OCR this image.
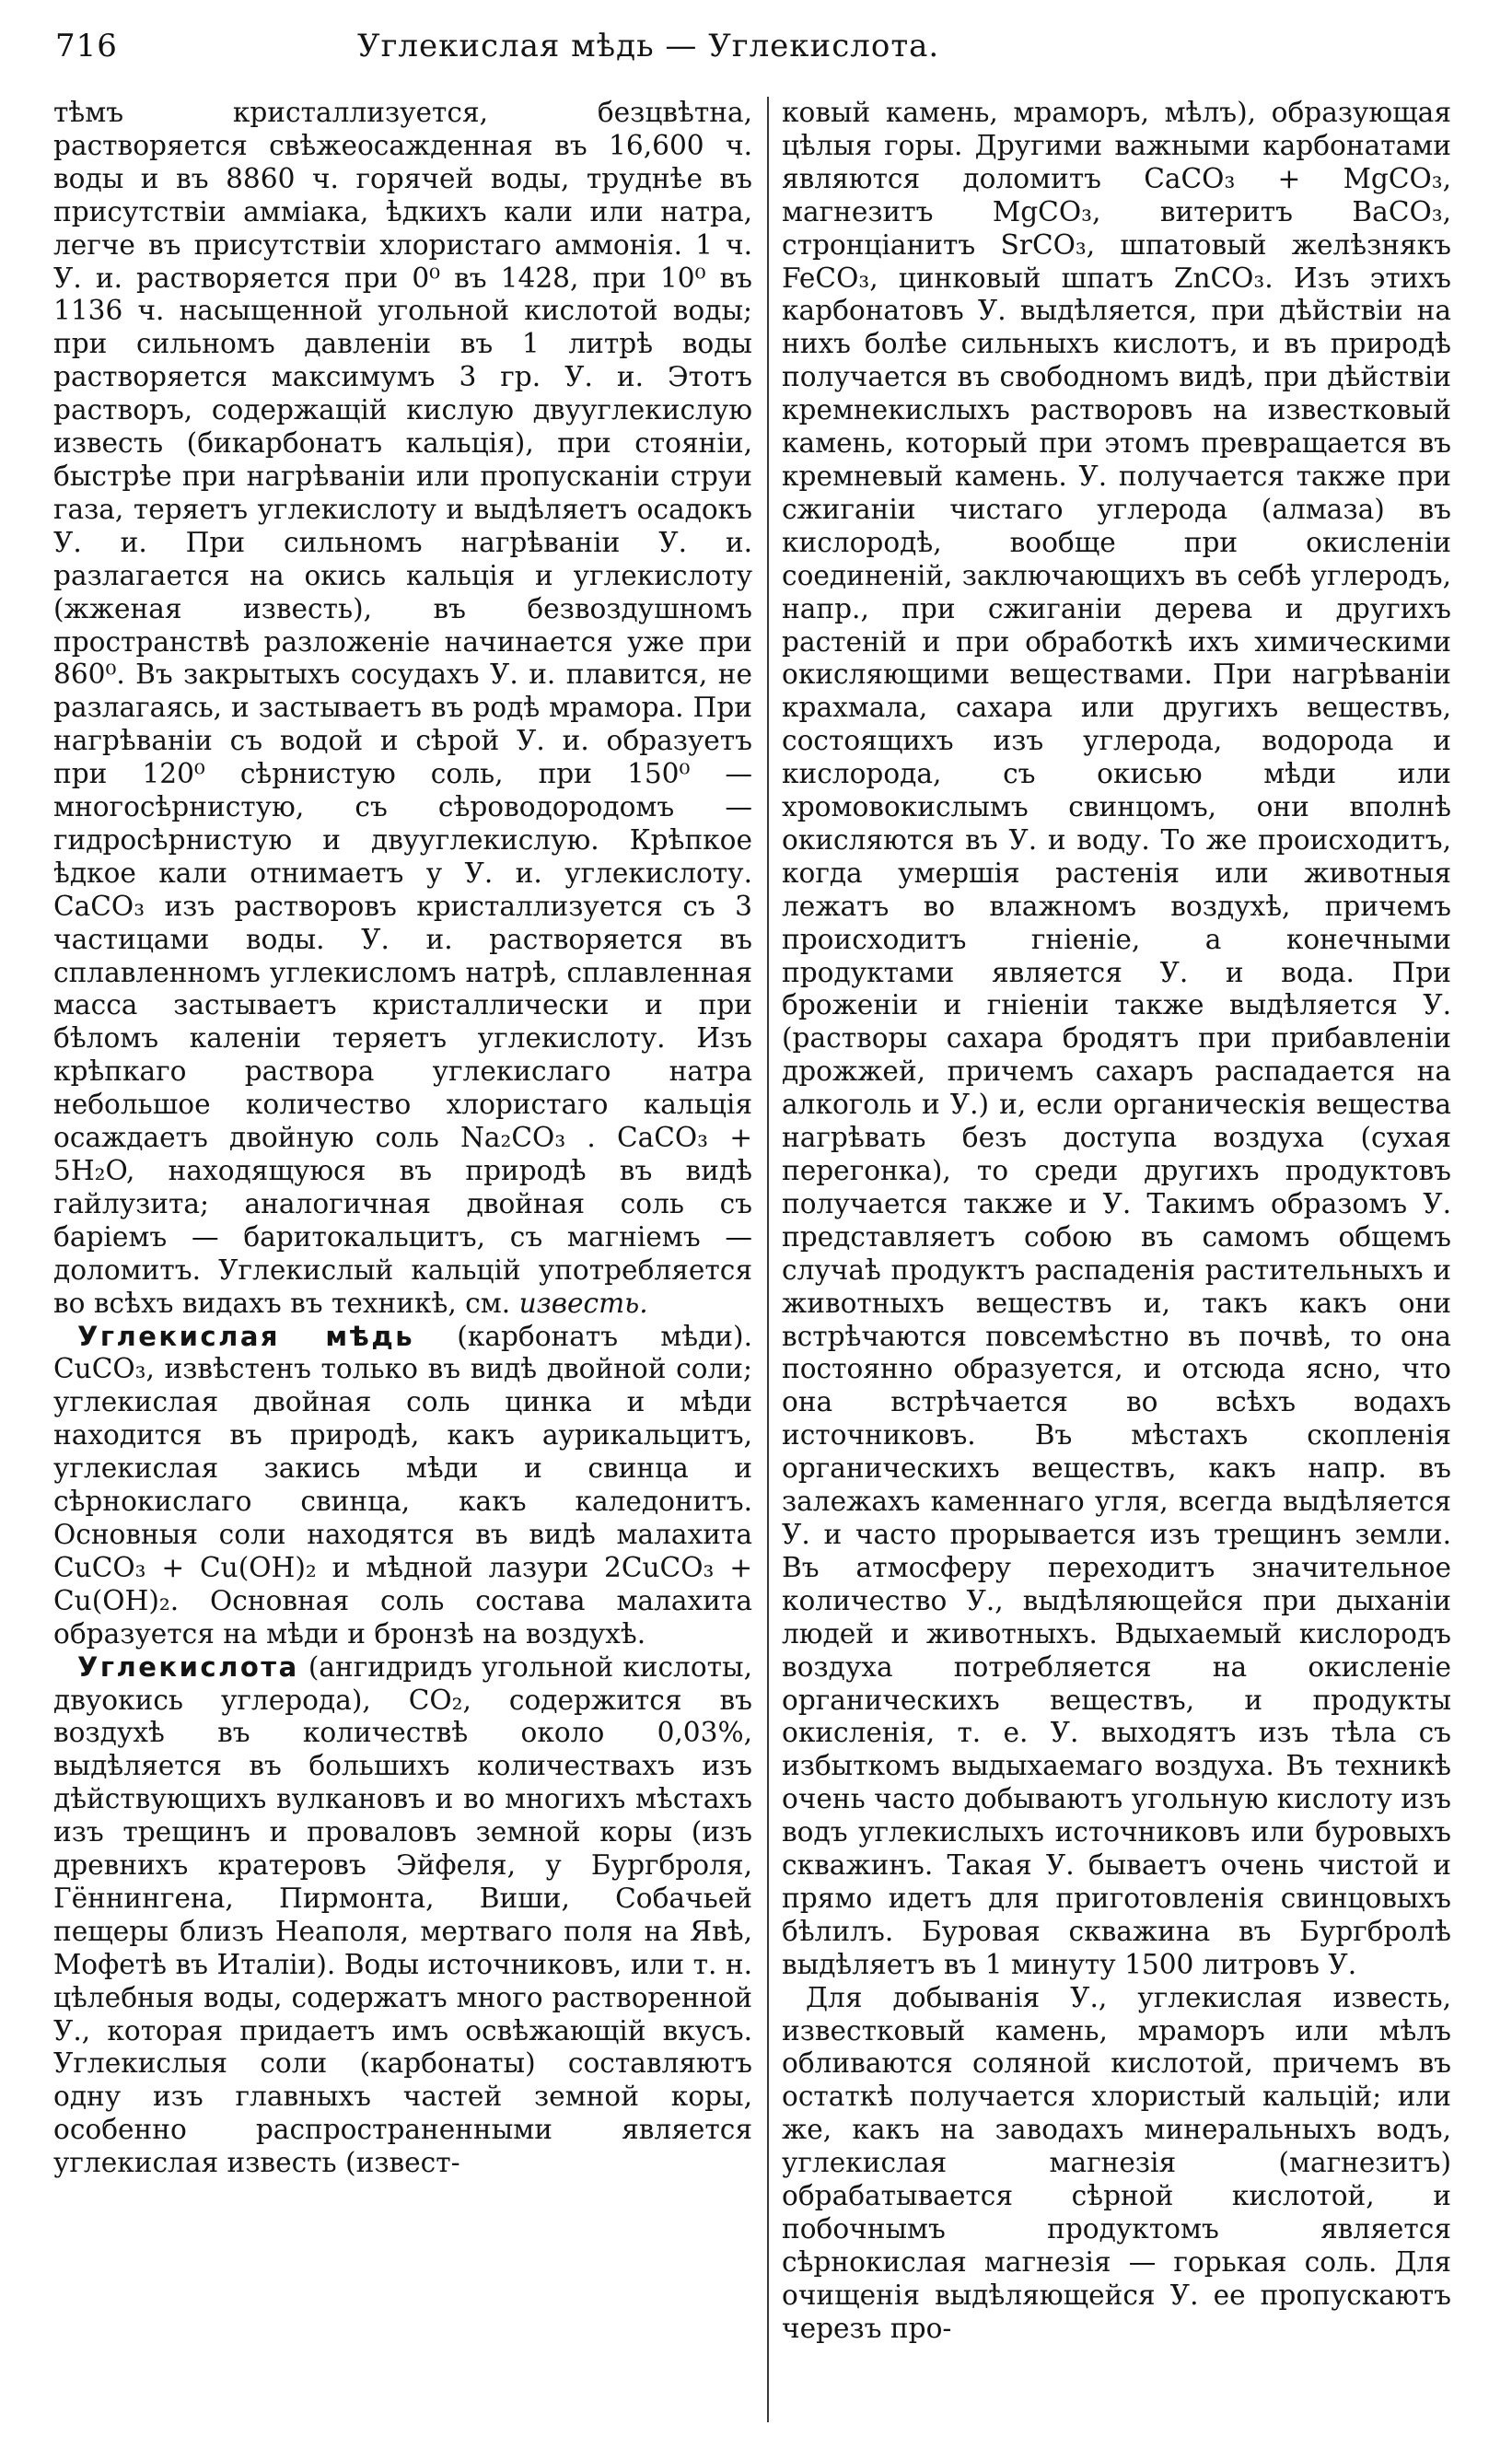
716	Углекислая мѣдь — Углекислота.

тѣмъ кристаллизуется, безцвѣтна, растворяется свѣжеосажденная въ 16,600 ч. воды и въ 8860 ч. горячей воды, труднѣе въ присутствіи амміака, ѣдкихъ кали или натра, легче въ присутствіи хлористаго аммонія. 1 ч. У. и. растворяется при 0⁰ въ 1428, при 10⁰ въ 1136 ч. насыщенной угольной кислотой воды; при сильномъ давленіи въ 1 литрѣ воды растворяется максимумъ 3 гр. У. и. Этотъ растворъ, содержащій кислую двууглекислую известь (бикарбонатъ кальція), при стояніи, быстрѣе при нагрѣваніи или пропусканіи струи газа, теряетъ углекислоту и выдѣляетъ осадокъ У. и. При сильномъ нагрѣваніи У. и. разлагается на окись кальція и углекислоту (жженая известь), въ безвоздушномъ пространствѣ разложеніе начинается уже при 860⁰. Въ закрытыхъ сосудахъ У. и. плавится, не разлагаясь, и застываетъ въ родѣ мрамора. При нагрѣваніи съ водой и сѣрой У. и. образуетъ при 120⁰ сѣрнистую соль, при 150⁰ — многосѣрнистую, съ сѣроводородомъ — гидросѣрнистую и двууглекислую. Крѣпкое ѣдкое кали отнимаетъ у У. и. углекислоту. CaCO₃ изъ растворовъ кристаллизуется съ 3 частицами воды. У. и. растворяется въ сплавленномъ углекисломъ натрѣ, сплавленная масса застываетъ кристаллически и при бѣломъ каленіи теряетъ углекислоту. Изъ крѣпкаго раствора углекислаго натра небольшое количество хлористаго кальція осаждаетъ двойную соль Na₂CO₃ . CaCO₃ + 5H₂O, находящуюся въ природѣ въ видѣ гайлузита; аналогичная двойная соль съ баріемъ — баритокальцитъ, съ магніемъ — доломитъ. Углекислый кальцій употребляется во всѣхъ видахъ въ техникѣ, см. известь.

Углекислая мѣдь (карбонатъ мѣди). CuCO₃, извѣстенъ только въ видѣ двойной соли; углекислая двойная соль цинка и мѣди находится въ природѣ, какъ аурикальцитъ, углекислая закись мѣди и свинца и сѣрнокислаго свинца, какъ каледонитъ. Основныя соли находятся въ видѣ малахита CuCO₃ + Cu(OH)₂ и мѣдной лазури 2CuCO₃ + Cu(OH)₂. Основная соль состава малахита образуется на мѣди и бронзѣ на воздухѣ.

Углекислота (ангидридъ угольной кислоты, двуокись углерода), CO₂, содержится въ воздухѣ въ количествѣ около 0,03%, выдѣляется въ большихъ количествахъ изъ дѣйствующихъ вулкановъ и во многихъ мѣстахъ изъ трещинъ и проваловъ земной коры (изъ древнихъ кратеровъ Эйфеля, у Бургброля, Гённингена, Пирмонта, Виши, Собачьей пещеры близъ Неаполя, мертваго поля на Явѣ, Мофетѣ въ Италіи). Воды источниковъ, или т. н. цѣлебныя воды, содержатъ много растворенной У., которая придаетъ имъ освѣжающій вкусъ. Углекислыя соли (карбонаты) составляютъ одну изъ главныхъ частей земной коры, особенно распространенными является углекислая известь (извест-

ковый камень, мраморъ, мѣлъ), образующая цѣлыя горы. Другими важными карбонатами являются доломитъ CaCO₃ + MgCO₃, магнезитъ MgCO₃, витеритъ BaCO₃, стронціанитъ SrCO₃, шпатовый желѣзнякъ FeCO₃, цинковый шпатъ ZnCO₃. Изъ этихъ карбонатовъ У. выдѣляется, при дѣйствіи на нихъ болѣе сильныхъ кислотъ, и въ природѣ получается въ свободномъ видѣ, при дѣйствіи кремнекислыхъ растворовъ на известковый камень, который при этомъ превращается въ кремневый камень. У. получается также при сжиганіи чистаго углерода (алмаза) въ кислородѣ, вообще при окисленіи соединеній, заключающихъ въ себѣ углеродъ, напр., при сжиганіи дерева и другихъ растеній и при обработкѣ ихъ химическими окисляющими веществами. При нагрѣваніи крахмала, сахара или другихъ веществъ, состоящихъ изъ углерода, водорода и кислорода, съ окисью мѣди или хромовокислымъ свинцомъ, они вполнѣ окисляются въ У. и воду. То же происходитъ, когда умершія растенія или животныя лежатъ во влажномъ воздухѣ, причемъ происходитъ гніеніе, а конечными продуктами является У. и вода. При броженіи и гніеніи также выдѣляется У. (растворы сахара бродятъ при прибавленіи дрожжей, причемъ сахаръ распадается на алкоголь и У.) и, если органическія вещества нагрѣвать безъ доступа воздуха (сухая перегонка), то среди другихъ продуктовъ получается также и У. Такимъ образомъ У. представляетъ собою въ самомъ общемъ случаѣ продуктъ распаденія растительныхъ и животныхъ веществъ и, такъ какъ они встрѣчаются повсемѣстно въ почвѣ, то она постоянно образуется, и отсюда ясно, что она встрѣчается во всѣхъ водахъ источниковъ. Въ мѣстахъ скопленія органическихъ веществъ, какъ напр. въ залежахъ каменнаго угля, всегда выдѣляется У. и часто прорывается изъ трещинъ земли. Въ атмосферу переходитъ значительное количество У., выдѣляющейся при дыханіи людей и животныхъ. Вдыхаемый кислородъ воздуха потребляется на окисленіе органическихъ веществъ, и продукты окисленія, т. е. У. выходятъ изъ тѣла съ избыткомъ выдыхаемаго воздуха. Въ техникѣ очень часто добываютъ угольную кислоту изъ водъ углекислыхъ источниковъ или буровыхъ скважинъ. Такая У. бываетъ очень чистой и прямо идетъ для приготовленія свинцовыхъ бѣлилъ. Буровая скважина въ Бургбролѣ выдѣляетъ въ 1 минуту 1500 литровъ У.

Для добыванія У., углекислая известь, известковый камень, мраморъ или мѣлъ обливаются соляной кислотой, причемъ въ остаткѣ получается хлористый кальцій; или же, какъ на заводахъ минеральныхъ водъ, углекислая магнезія (магнезитъ) обрабатывается сѣрной кислотой, и побочнымъ продуктомъ является сѣрнокислая магнезія — горькая соль. Для очищенія выдѣляющейся У. ее пропускаютъ черезъ про-
